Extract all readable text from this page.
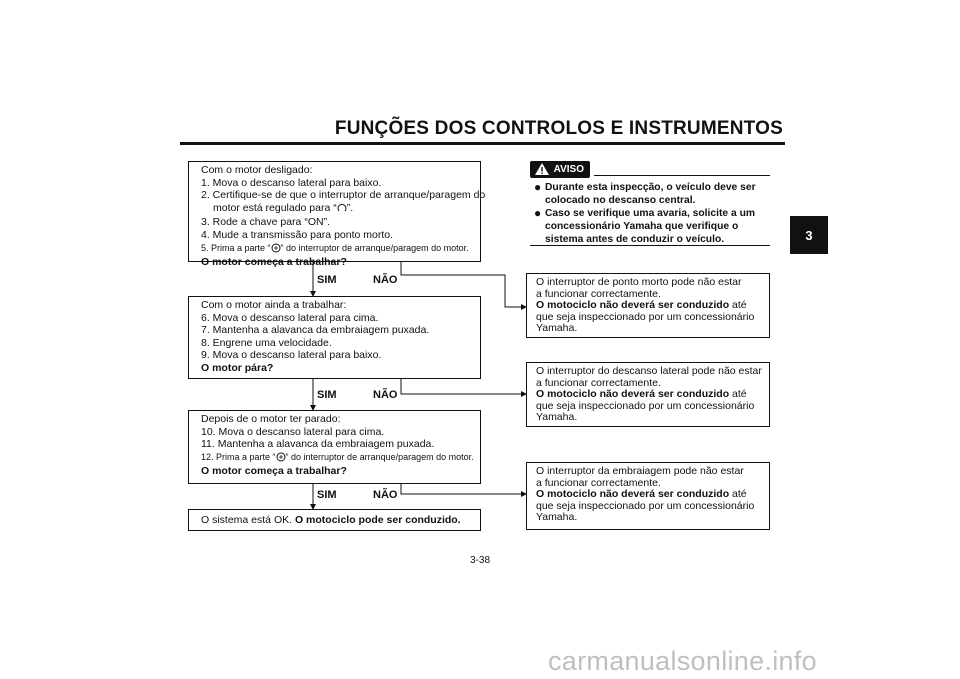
FUNÇÕES DOS CONTROLOS E INSTRUMENTOS
3
Com o motor desligado:
1. Mova o descanso lateral para baixo.
2. Certifique-se de que o interruptor de arranque/paragem do
motor está regulado para “ ”.
3. Rode a chave para “ON”.
4. Mude a transmissão para ponto morto.
5. Prima a parte “ ” do interruptor de arranque/paragem do motor.
O motor começa a trabalhar?
SIM	NÃO
Com o motor ainda a trabalhar:
6. Mova o descanso lateral para cima.
7. Mantenha a alavanca da embraiagem puxada.
8. Engrene uma velocidade.
9. Mova o descanso lateral para baixo.
O motor pára?
SIM	NÃO
Depois de o motor ter parado:
10. Mova o descanso lateral para cima.
11. Mantenha a alavanca da embraiagem puxada.
12. Prima a parte “ ” do interruptor de arranque/paragem do motor.
O motor começa a trabalhar?
SIM	NÃO
O sistema está OK. O motociclo pode ser conduzido.
AVISO
● Durante esta inspecção, o veículo deve ser
colocado no descanso central.
● Caso se verifique uma avaria, solicite a um
concessionário Yamaha que verifique o
sistema antes de conduzir o veículo.
O interruptor de ponto morto pode não estar
a funcionar correctamente.
O motociclo não deverá ser conduzido até
que seja inspeccionado por um concessionário
Yamaha.
O interruptor do descanso lateral pode não estar
a funcionar correctamente.
O motociclo não deverá ser conduzido até
que seja inspeccionado por um concessionário
Yamaha.
O interruptor da embraiagem pode não estar
a funcionar correctamente.
O motociclo não deverá ser conduzido até
que seja inspeccionado por um concessionário
Yamaha.
3-38
carmanualsonline.info
